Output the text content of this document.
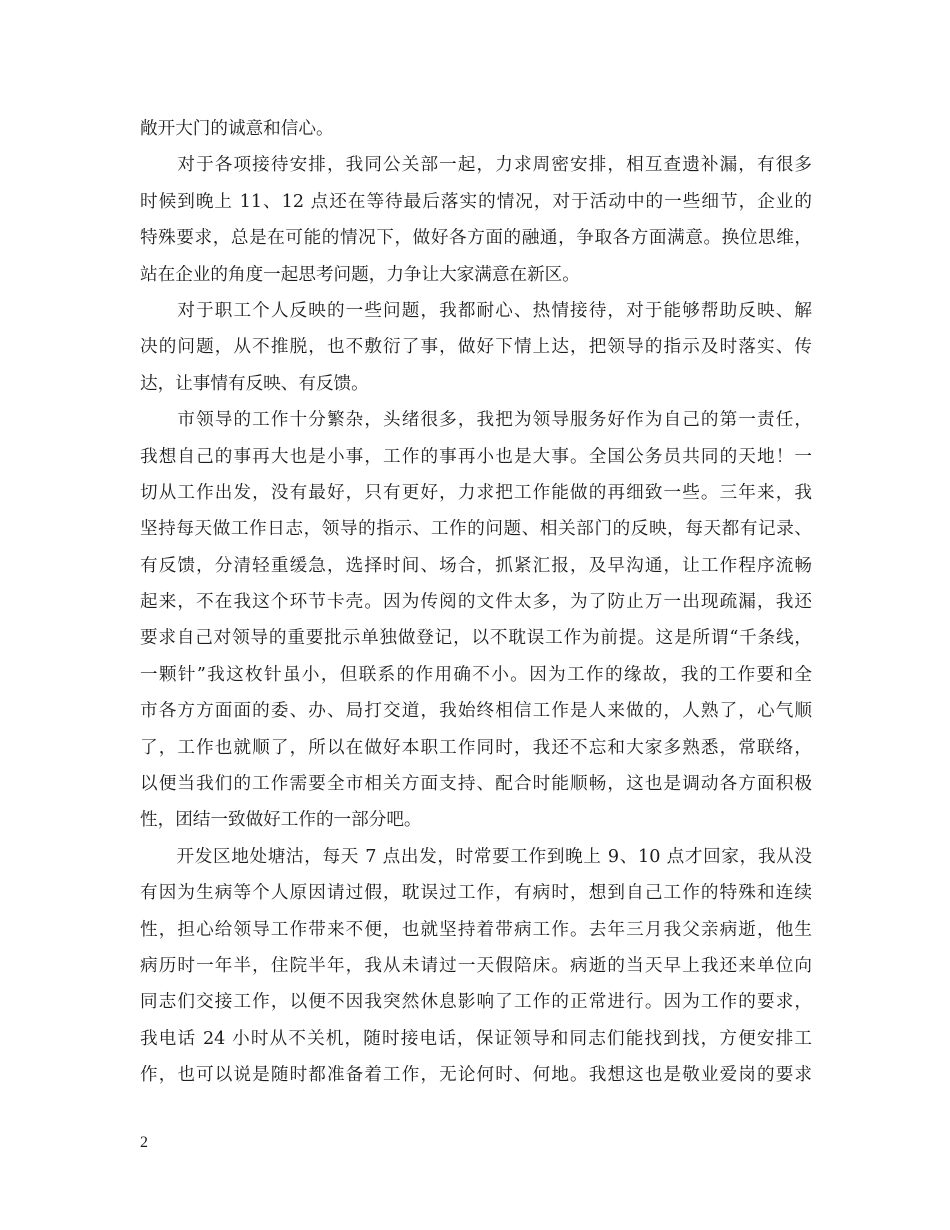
敞开大门的诚意和信心。
　　对于各项接待安排，我同公关部一起，力求周密安排，相互查遗补漏，有很多
时候到晚上 11、12 点还在等待最后落实的情况，对于活动中的一些细节，企业的
特殊要求，总是在可能的情况下，做好各方面的融通，争取各方面满意。换位思维，
站在企业的角度一起思考问题，力争让大家满意在新区。
　　对于职工个人反映的一些问题，我都耐心、热情接待，对于能够帮助反映、解
决的问题，从不推脱，也不敷衍了事，做好下情上达，把领导的指示及时落实、传
达，让事情有反映、有反馈。
　　市领导的工作十分繁杂，头绪很多，我把为领导服务好作为自己的第一责任，
我想自己的事再大也是小事，工作的事再小也是大事。全国公务员共同的天地！一
切从工作出发，没有最好，只有更好，力求把工作能做的再细致一些。三年来，我
坚持每天做工作日志，领导的指示、工作的问题、相关部门的反映，每天都有记录、
有反馈，分清轻重缓急，选择时间、场合，抓紧汇报，及早沟通，让工作程序流畅
起来，不在我这个环节卡壳。因为传阅的文件太多，为了防止万一出现疏漏，我还
要求自己对领导的重要批示单独做登记，以不耽误工作为前提。这是所谓“千条线，
一颗针”我这枚针虽小，但联系的作用确不小。因为工作的缘故，我的工作要和全
市各方方面面的委、办、局打交道，我始终相信工作是人来做的，人熟了，心气顺
了，工作也就顺了，所以在做好本职工作同时，我还不忘和大家多熟悉，常联络，
以便当我们的工作需要全市相关方面支持、配合时能顺畅，这也是调动各方面积极
性，团结一致做好工作的一部分吧。
　　开发区地处塘沽，每天 7 点出发，时常要工作到晚上 9、10 点才回家，我从没
有因为生病等个人原因请过假，耽误过工作，有病时，想到自己工作的特殊和连续
性，担心给领导工作带来不便，也就坚持着带病工作。去年三月我父亲病逝，他生
病历时一年半，住院半年，我从未请过一天假陪床。病逝的当天早上我还来单位向
同志们交接工作，以便不因我突然休息影响了工作的正常进行。因为工作的要求，
我电话 24 小时从不关机，随时接电话，保证领导和同志们能找到找，方便安排工
作，也可以说是随时都准备着工作，无论何时、何地。我想这也是敬业爱岗的要求
2
